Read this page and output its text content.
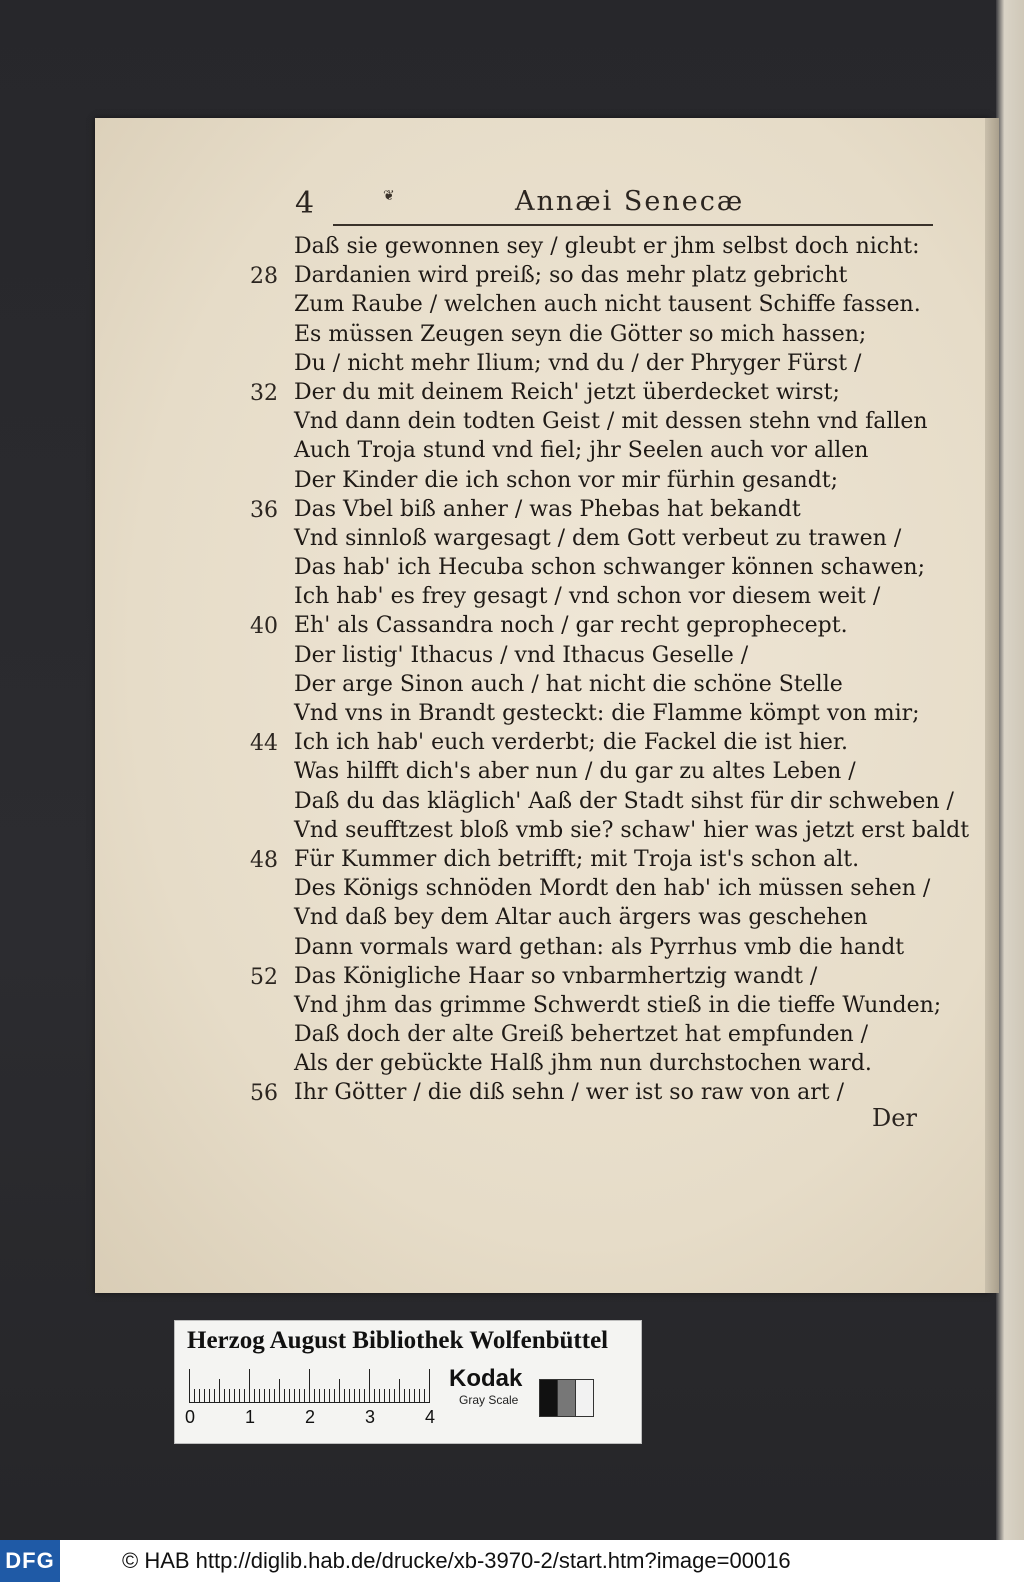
4	❦	Annæi Senecæ
Daß sie gewonnen sey / gleubt er jhm selbst doch nicht:
28 Dardanien wird preiß; so das mehr platz gebricht
Zum Raube / welchen auch nicht tausent Schiffe fassen.
Es müssen Zeugen seyn die Götter so mich hassen;
Du / nicht mehr Ilium; vnd du / der Phryger Fürst /
32 Der du mit deinem Reich' jetzt überdecket wirst;
Vnd dann dein todten Geist / mit dessen stehn vnd fallen
Auch Troja stund vnd fiel; jhr Seelen auch vor allen
Der Kinder die ich schon vor mir fürhin gesandt;
36 Das Vbel biß anher / was Phebas hat bekandt
Vnd sinnloß wargesagt / dem Gott verbeut zu trawen /
Das hab' ich Hecuba schon schwanger können schawen;
Ich hab' es frey gesagt / vnd schon vor diesem weit /
40 Eh' als Cassandra noch / gar recht geprophecept.
Der listig' Ithacus / vnd Ithacus Geselle /
Der arge Sinon auch / hat nicht die schöne Stelle
Vnd vns in Brandt gesteckt: die Flamme kömpt von mir;
44 Ich ich hab' euch verderbt; die Fackel die ist hier.
Was hilfft dich's aber nun / du gar zu altes Leben /
Daß du das kläglich' Aaß der Stadt sihst für dir schweben /
Vnd seufftzest bloß vmb sie? schaw' hier was jetzt erst baldt
48 Für Kummer dich betrifft; mit Troja ist's schon alt.
Des Königs schnöden Mordt den hab' ich müssen sehen /
Vnd daß bey dem Altar auch ärgers was geschehen
Dann vormals ward gethan: als Pyrrhus vmb die handt
52 Das Königliche Haar so vnbarmhertzig wandt /
Vnd jhm das grimme Schwerdt stieß in die tieffe Wunden;
Daß doch der alte Greiß behertzet hat empfunden /
Als der gebückte Halß jhm nun durchstochen ward.
56 Ihr Götter / die diß sehn / wer ist so raw von art /
Der
Herzog August Bibliothek Wolfenbüttel
0	1	2	3	4
Kodak
Gray Scale
DFG	© HAB http://diglib.hab.de/drucke/xb-3970-2/start.htm?image=00016
